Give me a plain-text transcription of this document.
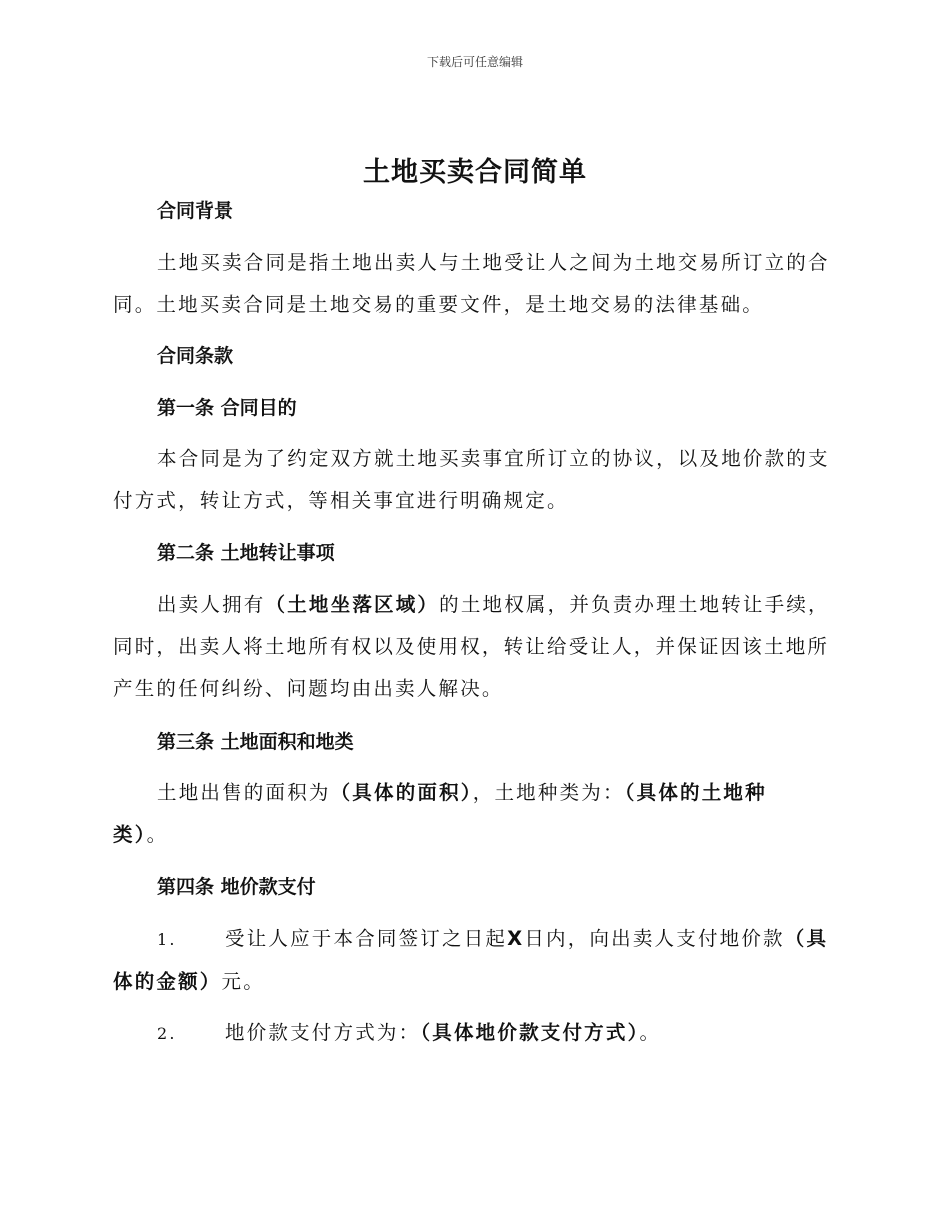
下载后可任意编辑
土地买卖合同简单
合同背景
土地买卖合同是指土地出卖人与土地受让人之间为土地交易所订立的合
同。土地买卖合同是土地交易的重要文件，是土地交易的法律基础。
合同条款
第一条 合同目的
本合同是为了约定双方就土地买卖事宜所订立的协议，以及地价款的支
付方式，转让方式，等相关事宜进行明确规定。
第二条 土地转让事项
出卖人拥有（土地坐落区域）的土地权属，并负责办理土地转让手续，
同时，出卖人将土地所有权以及使用权，转让给受让人，并保证因该土地所
产生的任何纠纷、问题均由出卖人解决。
第三条 土地面积和地类
土地出售的面积为（具体的面积），土地种类为：（具体的土地种
类）。
第四条 地价款支付
1. 受让人应于本合同签订之日起X日内，向出卖人支付地价款（具
体的金额）元。
2. 地价款支付方式为：（具体地价款支付方式）。
